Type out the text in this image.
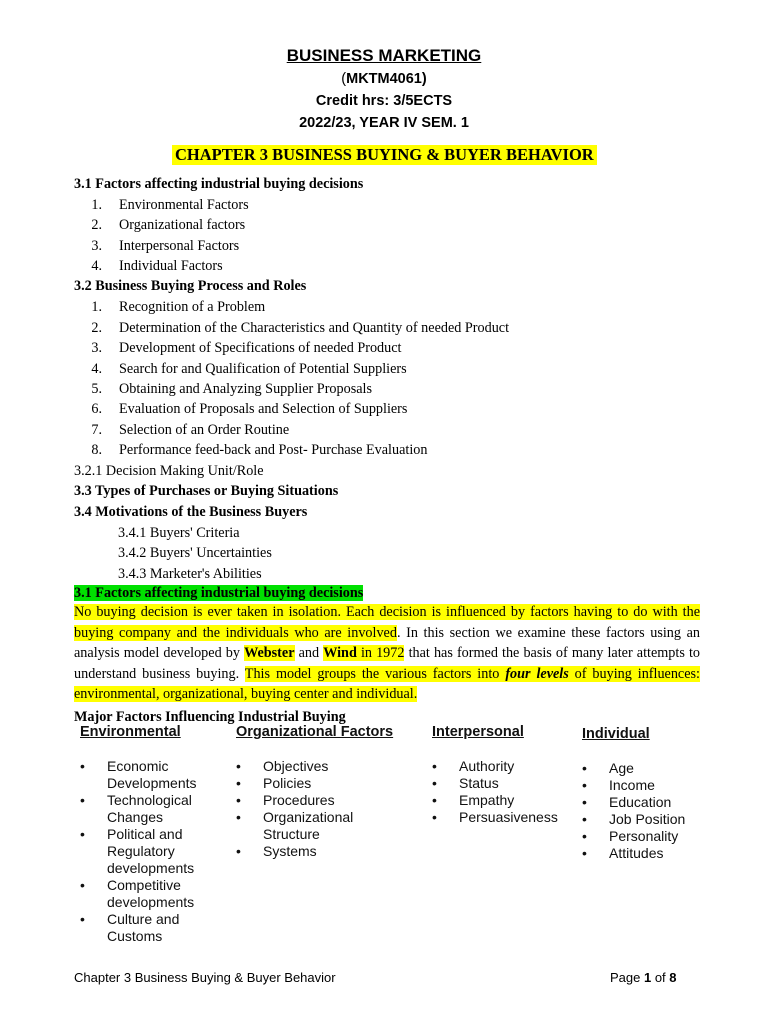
BUSINESS MARKETING
(MKTM4061)
Credit hrs: 3/5ECTS
2022/23, YEAR IV SEM. 1
CHAPTER 3 BUSINESS BUYING & BUYER BEHAVIOR
3.1 Factors affecting industrial buying decisions
1. Environmental Factors
2. Organizational factors
3. Interpersonal Factors
4. Individual Factors
3.2 Business Buying Process and Roles
1. Recognition of a Problem
2. Determination of the Characteristics and Quantity of needed Product
3. Development of Specifications of needed Product
4. Search for and Qualification of Potential Suppliers
5. Obtaining and Analyzing Supplier Proposals
6. Evaluation of Proposals and Selection of Suppliers
7. Selection of an Order Routine
8. Performance feed-back and Post- Purchase Evaluation
3.2.1 Decision Making Unit/Role
3.3 Types of Purchases or Buying Situations
3.4 Motivations of the Business Buyers
3.4.1 Buyers' Criteria
3.4.2 Buyers' Uncertainties
3.4.3 Marketer's Abilities
3.1 Factors affecting industrial buying decisions
No buying decision is ever taken in isolation. Each decision is influenced by factors having to do with the buying company and the individuals who are involved. In this section we examine these factors using an analysis model developed by Webster and Wind in 1972 that has formed the basis of many later attempts to understand business buying. This model groups the various factors into four levels of buying influences: environmental, organizational, buying center and individual.
Major Factors Influencing Industrial Buying
Environmental
• Economic Developments
• Technological Changes
• Political and Regulatory developments
• Competitive developments
• Culture and Customs
Organizational Factors
• Objectives
• Policies
• Procedures
• Organizational Structure
• Systems
Interpersonal
• Authority
• Status
• Empathy
• Persuasiveness
Individual
• Age
• Income
• Education
• Job Position
• Personality
• Attitudes
Chapter 3 Business Buying & Buyer Behavior	Page 1 of 8
